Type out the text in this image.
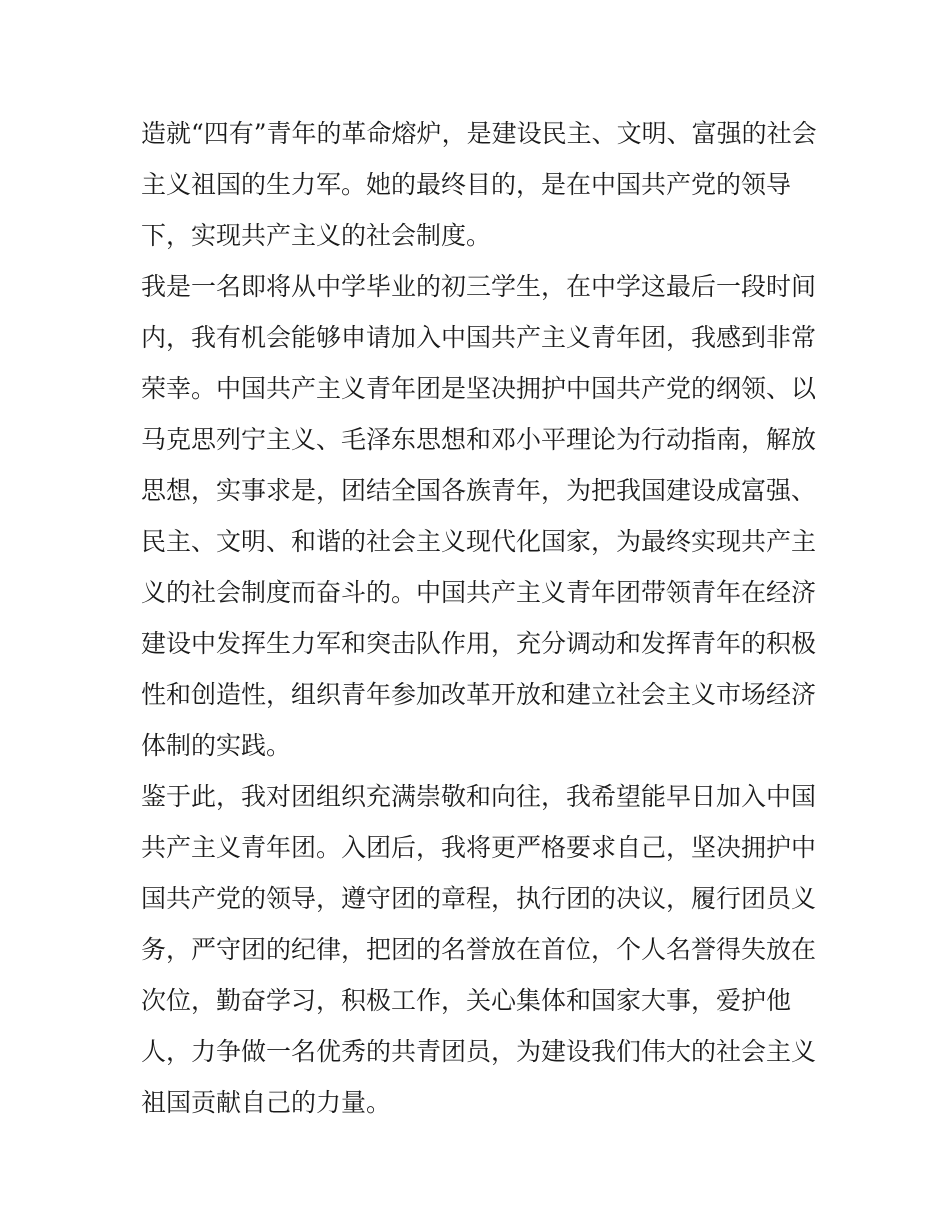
造就“四有”青年的革命熔炉，是建设民主、文明、富强的社会
主义祖国的生力军。她的最终目的，是在中国共产党的领导
下，实现共产主义的社会制度。
我是一名即将从中学毕业的初三学生，在中学这最后一段时间
内，我有机会能够申请加入中国共产主义青年团，我感到非常
荣幸。中国共产主义青年团是坚决拥护中国共产党的纲领、以
马克思列宁主义、毛泽东思想和邓小平理论为行动指南，解放
思想，实事求是，团结全国各族青年，为把我国建设成富强、
民主、文明、和谐的社会主义现代化国家，为最终实现共产主
义的社会制度而奋斗的。中国共产主义青年团带领青年在经济
建设中发挥生力军和突击队作用，充分调动和发挥青年的积极
性和创造性，组织青年参加改革开放和建立社会主义市场经济
体制的实践。
鉴于此，我对团组织充满崇敬和向往，我希望能早日加入中国
共产主义青年团。入团后，我将更严格要求自己，坚决拥护中
国共产党的领导，遵守团的章程，执行团的决议，履行团员义
务，严守团的纪律，把团的名誉放在首位，个人名誉得失放在
次位，勤奋学习，积极工作，关心集体和国家大事，爱护他
人，力争做一名优秀的共青团员，为建设我们伟大的社会主义
祖国贡献自己的力量。
